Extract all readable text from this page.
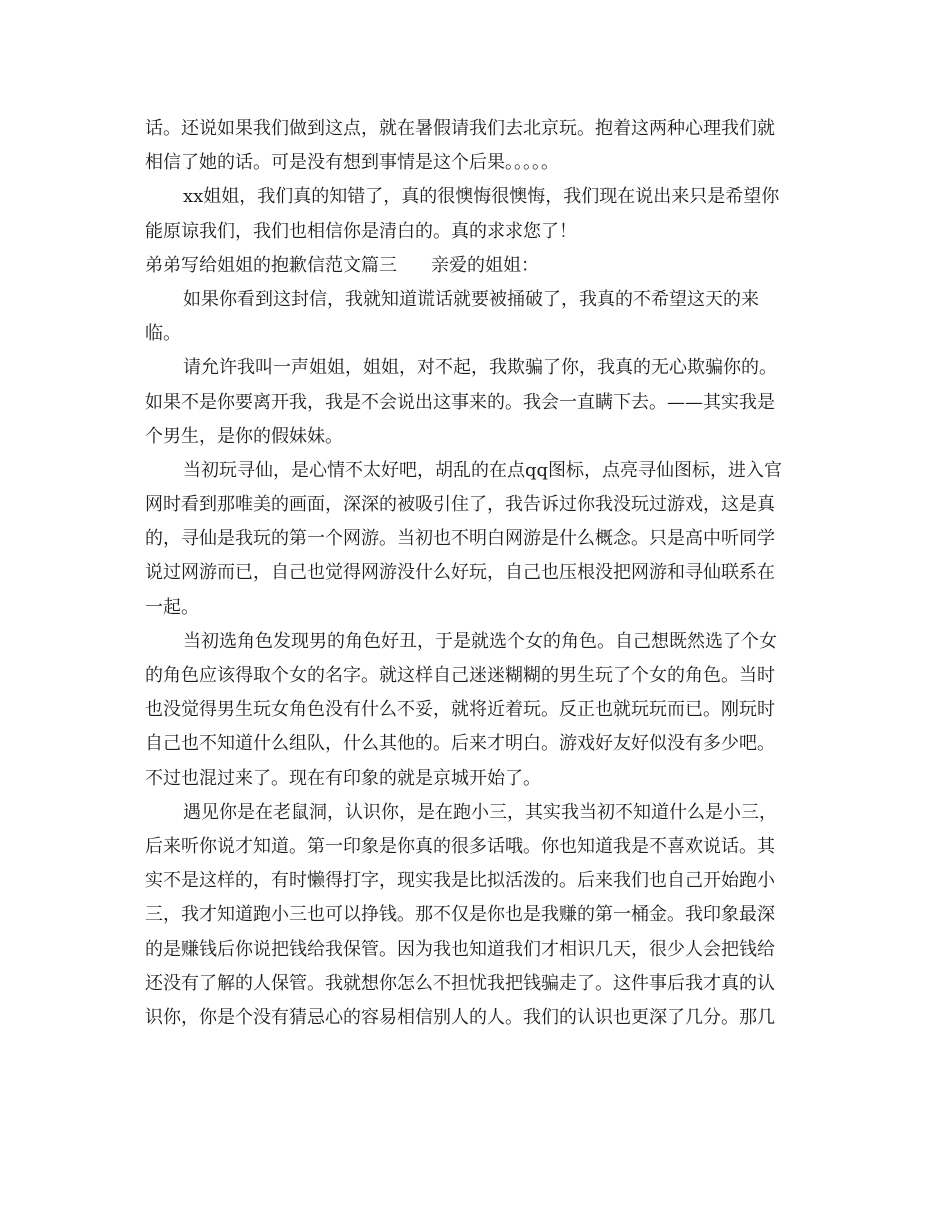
话。还说如果我们做到这点，就在暑假请我们去北京玩。抱着这两种心理我们就
相信了她的话。可是没有想到事情是这个后果。。。。。
xx姐姐，我们真的知错了，真的很懊悔很懊悔，我们现在说出来只是希望你
能原谅我们，我们也相信你是清白的。真的求求您了！
弟弟写给姐姐的抱歉信范文篇三 亲爱的姐姐：
如果你看到这封信，我就知道谎话就要被捅破了，我真的不希望这天的来
临。
请允许我叫一声姐姐，姐姐，对不起，我欺骗了你，我真的无心欺骗你的。
如果不是你要离开我，我是不会说出这事来的。我会一直瞒下去。——其实我是
个男生，是你的假妹妹。
当初玩寻仙，是心情不太好吧，胡乱的在点qq图标，点亮寻仙图标，进入官
网时看到那唯美的画面，深深的被吸引住了，我告诉过你我没玩过游戏，这是真
的，寻仙是我玩的第一个网游。当初也不明白网游是什么概念。只是高中听同学
说过网游而已，自己也觉得网游没什么好玩，自己也压根没把网游和寻仙联系在
一起。
当初选角色发现男的角色好丑，于是就选个女的角色。自己想既然选了个女
的角色应该得取个女的名字。就这样自己迷迷糊糊的男生玩了个女的角色。当时
也没觉得男生玩女角色没有什么不妥，就将近着玩。反正也就玩玩而已。刚玩时
自己也不知道什么组队，什么其他的。后来才明白。游戏好友好似没有多少吧。
不过也混过来了。现在有印象的就是京城开始了。
遇见你是在老鼠洞，认识你，是在跑小三，其实我当初不知道什么是小三，
后来听你说才知道。第一印象是你真的很多话哦。你也知道我是不喜欢说话。其
实不是这样的，有时懒得打字，现实我是比拟活泼的。后来我们也自己开始跑小
三，我才知道跑小三也可以挣钱。那不仅是你也是我赚的第一桶金。我印象最深
的是赚钱后你说把钱给我保管。因为我也知道我们才相识几天，很少人会把钱给
还没有了解的人保管。我就想你怎么不担忧我把钱骗走了。这件事后我才真的认
识你，你是个没有猜忌心的容易相信别人的人。我们的认识也更深了几分。那几
